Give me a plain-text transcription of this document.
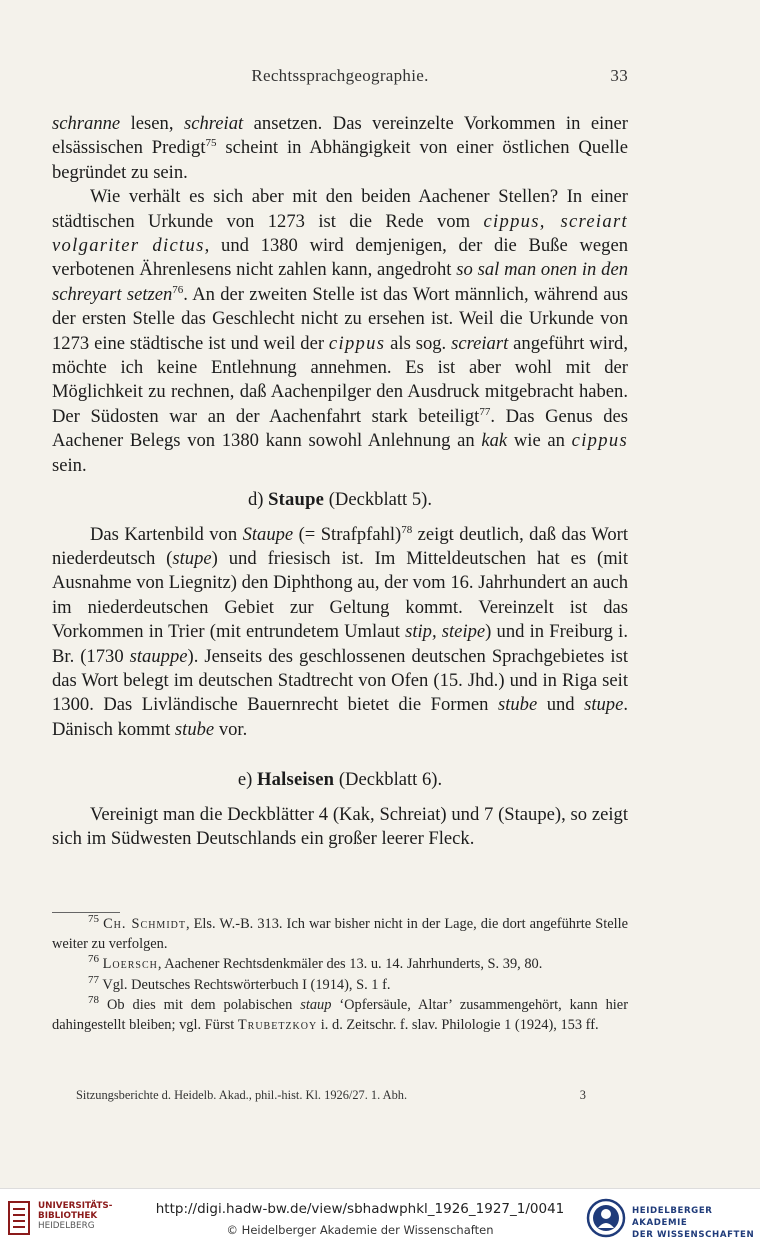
Rechtssprachgeographie.	33

schranne lesen, schreiat ansetzen. Das vereinzelte Vorkommen in einer elsässischen Predigt$^{75}$ scheint in Abhängigkeit von einer östlichen Quelle begründet zu sein.

Wie verhält es sich aber mit den beiden Aachener Stellen? In einer städtischen Urkunde von 1273 ist die Rede vom cippus, screiart volgariter dictus, und 1380 wird demjenigen, der die Buße wegen verbotenen Ährenlesens nicht zahlen kann, angedroht so sal man onen in den schreyart setzen$^{76}$. An der zweiten Stelle ist das Wort männlich, während aus der ersten Stelle das Geschlecht nicht zu ersehen ist. Weil die Urkunde von 1273 eine städtische ist und weil der cippus als sog. screiart angeführt wird, möchte ich keine Entlehnung annehmen. Es ist aber wohl mit der Möglichkeit zu rechnen, daß Aachenpilger den Ausdruck mitgebracht haben. Der Südosten war an der Aachenfahrt stark beteiligt$^{77}$. Das Genus des Aachener Belegs von 1380 kann sowohl Anlehnung an kak wie an cippus sein.

d) Staupe (Deckblatt 5).

Das Kartenbild von Staupe (= Strafpfahl)$^{78}$ zeigt deutlich, daß das Wort niederdeutsch (stupe) und friesisch ist. Im Mitteldeutschen hat es (mit Ausnahme von Liegnitz) den Diphthong au, der vom 16. Jahrhundert an auch im niederdeutschen Gebiet zur Geltung kommt. Vereinzelt ist das Vorkommen in Trier (mit entrundetem Umlaut stip, steipe) und in Freiburg i. Br. (1730 stauppe). Jenseits des geschlossenen deutschen Sprachgebietes ist das Wort belegt im deutschen Stadtrecht von Ofen (15. Jhd.) und in Riga seit 1300. Das Livländische Bauernrecht bietet die Formen stube und stupe. Dänisch kommt stube vor.

e) Halseisen (Deckblatt 6).

Vereinigt man die Deckblätter 4 (Kak, Schreiat) und 7 (Staupe), so zeigt sich im Südwesten Deutschlands ein großer leerer Fleck.

$^{75}$ Ch. Schmidt, Els. W.-B. 313. Ich war bisher nicht in der Lage, die dort angeführte Stelle weiter zu verfolgen.

$^{76}$ Loersch, Aachener Rechtsdenkmäler des 13. u. 14. Jahrhunderts, S. 39, 80.

$^{77}$ Vgl. Deutsches Rechtswörterbuch I (1914), S. 1 f.

$^{78}$ Ob dies mit dem polabischen staup ‘Opfersäule, Altar’ zusammengehört, kann hier dahingestellt bleiben; vgl. Fürst Trubetzkoy i. d. Zeitschr. f. slav. Philologie 1 (1924), 153 ff.

Sitzungsberichte d. Heidelb. Akad., phil.-hist. Kl. 1926/27. 1. Abh.	3
UNIVERSITÄTS-
BIBLIOTHEK
HEIDELBERG
http://digi.hadw-bw.de/view/sbhadwphkl_1926_1927_1/0041
© Heidelberger Akademie der Wissenschaften
HEIDELBERGER AKADEMIE
DER WISSENSCHAFTEN
